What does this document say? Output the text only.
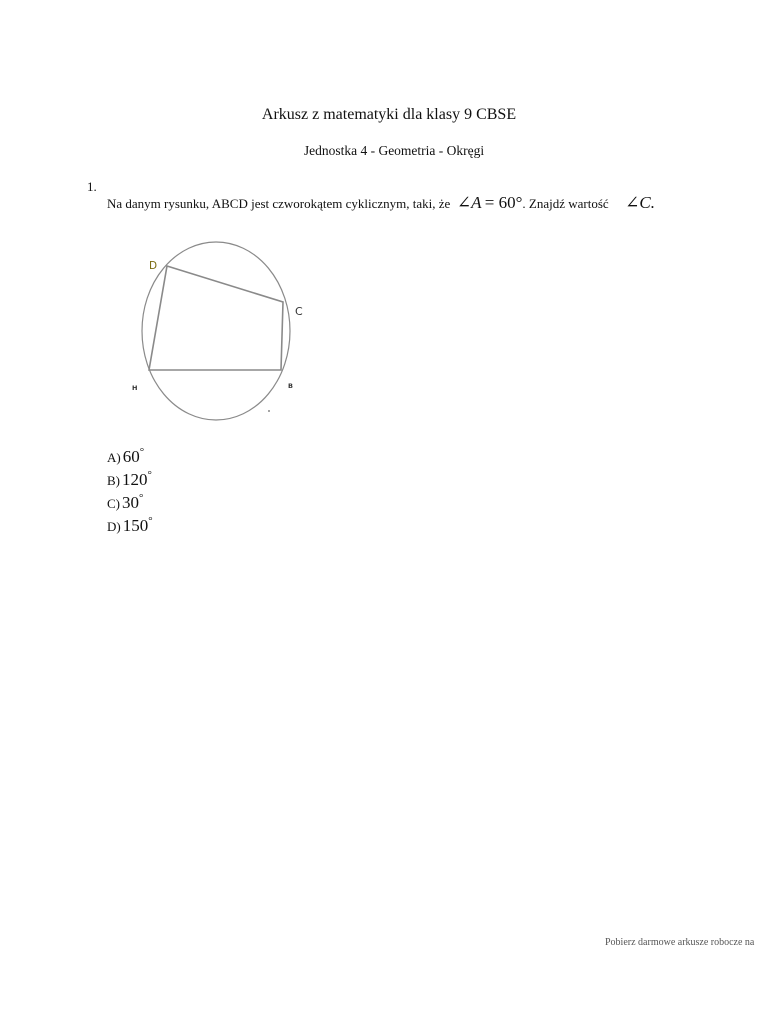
Arkusz z matematyki dla klasy 9 CBSE
Jednostka 4 - Geometria - Okręgi
1.
Na danym rysunku, ABCD jest czworokątem cyklicznym, taki, że ∠A = 60°. Znajdź wartość ∠C.
D
C
H	B
A) 60°
B) 120°
C) 30°
D) 150°
Pobierz darmowe arkusze robocze na
